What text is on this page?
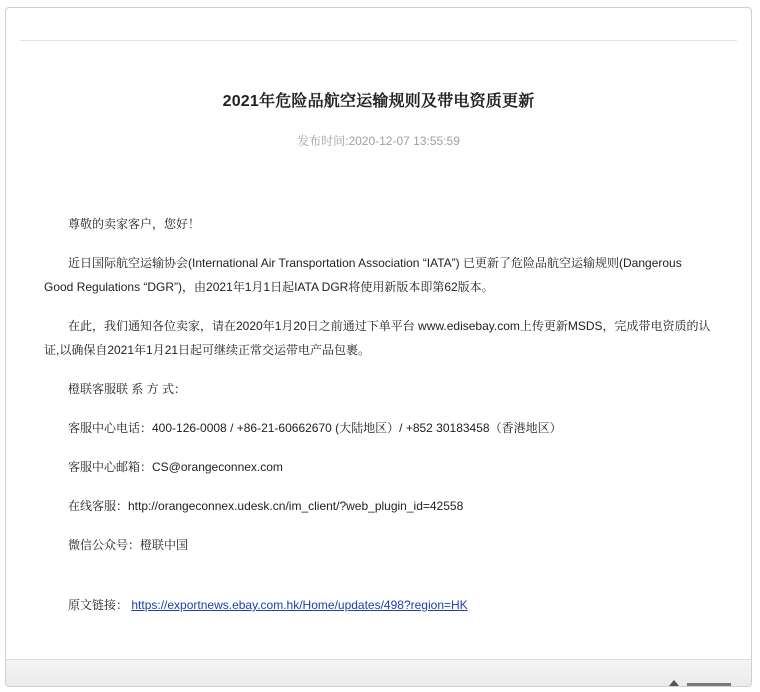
2021年危险品航空运输规则及带电资质更新
发布时间:2020-12-07 13:55:59

尊敬的卖家客户，您好！

近日国际航空运输协会(International Air Transportation Association “IATA”) 已更新了危险品航空运输规则(Dangerous Good Regulations “DGR”)，由2021年1月1日起IATA DGR将使用新版本即第62版本。

在此，我们通知各位卖家，请在2020年1月20日之前通过下单平台 www.edisebay.com上传更新MSDS，完成带电资质的认证,以确保自2021年1月21日起可继续正常交运带电产品包裹。

橙联客服联 系 方 式：

客服中心电话：400-126-0008 / +86-21-60662670 (大陆地区）/ +852 30183458（香港地区）

客服中心邮箱：CS@orangeconnex.com

在线客服：http://orangeconnex.udesk.cn/im_client/?web_plugin_id=42558

微信公众号：橙联中国

原文链接： https://exportnews.ebay.com.hk/Home/updates/498?region=HK
